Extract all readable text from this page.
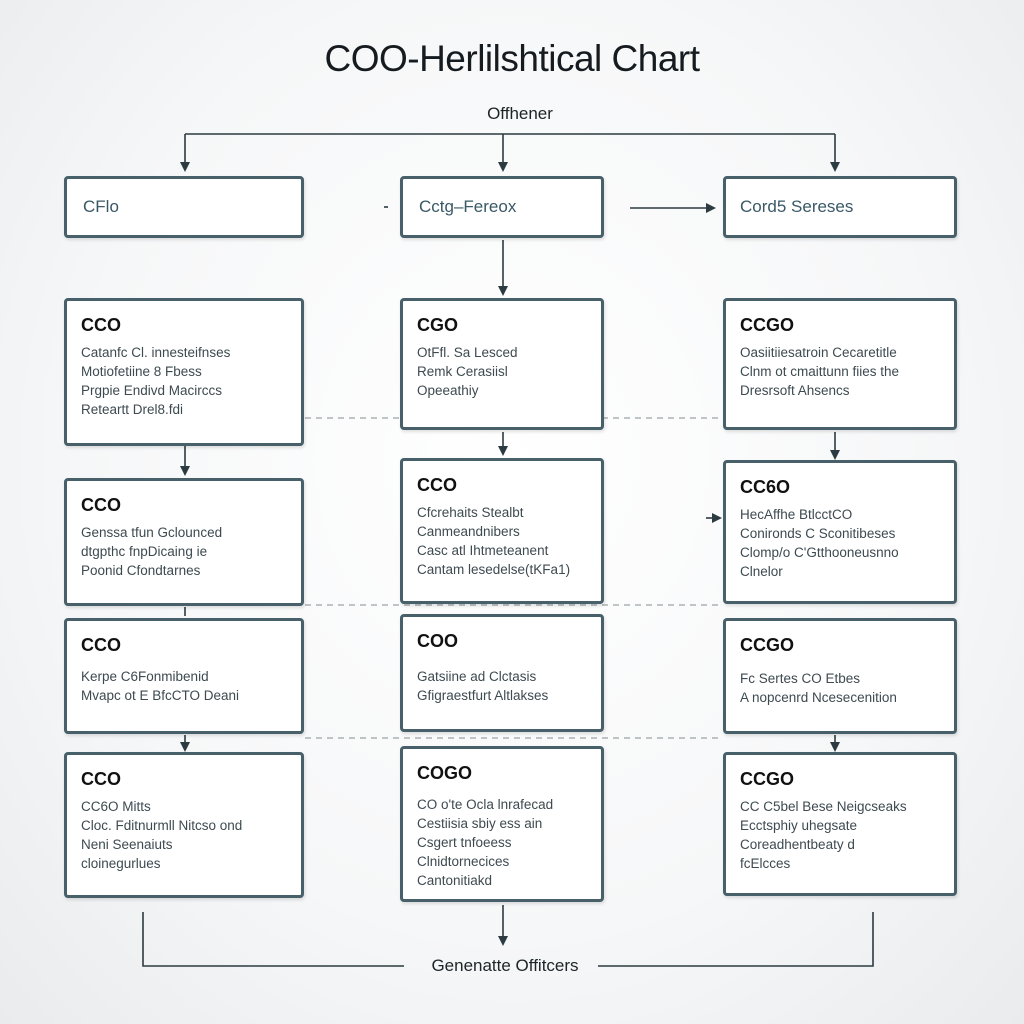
COO-Herlilshtical Chart
Offhener
CFlo	Cctg–Fereox	Cord5 Sereses
CCO
Catanfc Cl. innesteifnses
Motiofetiine 8 Fbess
Prgpie Endivd Macirccs
Reteartt Drel8.fdi
CCO
Genssa tfun Gclounced
dtgpthc fnpDicaing ie
Poonid Cfondtarnes
CCO
Kerpe C6Fonmibenid
Mvapc ot E BfcCTO Deani
CCO
CC6O Mitts
Cloc. Fditnurmll Nitcso ond
Neni Seenaiuts
cloinegurlues
CGO
OtFfl. Sa Lesced
Remk Cerasiisl
Opeeathiy
CCO
Cfcrehaits Stealbt
Canmeandnibers
Casc atl Ihtmeteanent
Cantam lesedelse(tKFa1)
COO
Gatsiine ad Clctasis
Gfigraestfurt Altlakses
COGO
CO o'te Ocla lnrafecad
Cestiisia sbiy ess ain
Csgert tnfoeess
Clnidtornecices
Cantonitiakd
CCGO
Oasiitiiesatroin Cecaretitle
Clnm ot cmaittunn fiies the
Dresrsoft Ahsencs
CC6O
HecAffhe BtlcctCO
Conironds C Sconitibeses
Clomp/o C'Gtthooneusnno
Clnelor
CCGO
Fc Sertes CO Etbes
A nopcenrd Ncesecenition
CCGO
CC C5bel Bese Neigcseaks
Ecctsphiy uhegsate
Coreadhentbeaty d
fcElcces
Genenatte Offitcers
